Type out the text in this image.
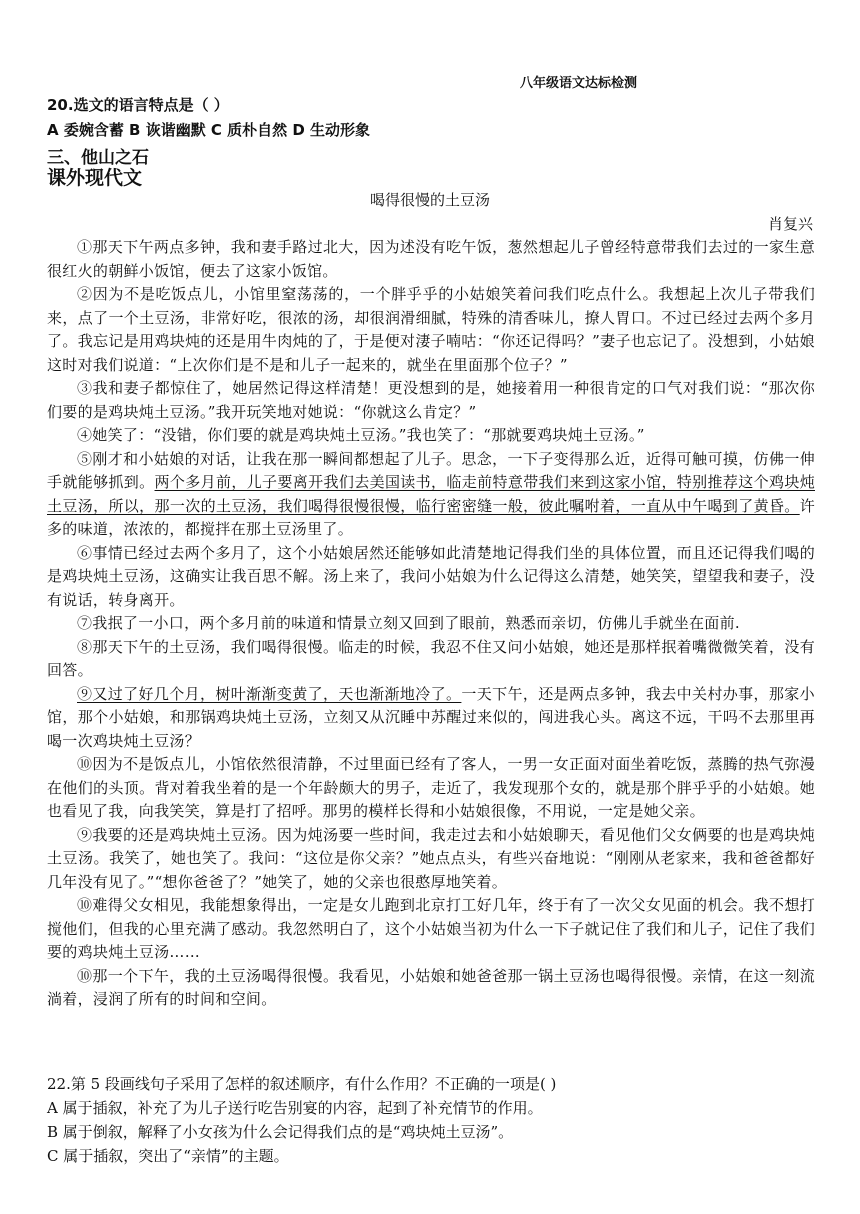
八年级语文达标检测
20.选文的语言特点是（ ）
A 委婉含蓄 B 诙谐幽默 C 质朴自然 D 生动形象
三、他山之石
课外现代文
喝得很慢的土豆汤
肖复兴

①那天下午两点多钟，我和妻手路过北大，因为述没有吃午饭，葱然想起儿子曾经特意带我们去过的一家生意很红火的朝鲜小饭馆，便去了这家小饭馆。

②因为不是吃饭点儿，小馆里窒荡荡的，一个胖乎乎的小姑娘笑着问我们吃点什么。我想起上次儿子带我们来，点了一个土豆汤，非常好吃，很浓的汤，却很润滑细腻，特殊的清香味儿，撩人胃口。不过已经过去两个多月了。我忘记是用鸡块炖的还是用牛肉炖的了，于是便对淒子喃咕：“你还记得吗？”妻子也忘记了。没想到，小姑娘这时对我们说道：“上次你们是不是和儿子一起来的，就坐在里面那个位子？”

③我和妻子都惊住了，她居然记得这样清楚！更没想到的是，她接着用一种很肯定的口气对我们说：“那次你们要的是鸡块炖土豆汤。”我开玩笑地对她说：“你就这么肯定？”

④她笑了：“没错，你们要的就是鸡块炖土豆汤。”我也笑了：“那就要鸡块炖土豆汤。”

⑤刚才和小姑娘的对话，让我在那一瞬间都想起了儿子。思念，一下子变得那么近，近得可触可摸，仿佛一伸手就能够抓到。两个多月前，儿子要离开我们去美国读书，临走前特意带我们来到这家小馆，特别推荐这个鸡块炖土豆汤，所以，那一次的土豆汤，我们喝得很慢很慢，临行密密缝一般，彼此嘱咐着，一直从中午喝到了黄昏。许多的味道，浓浓的，都搅拌在那土豆汤里了。

⑥事情已经过去两个多月了，这个小姑娘居然还能够如此清楚地记得我们坐的具体位置，而且还记得我们喝的是鸡块炖土豆汤，这确实让我百思不解。汤上来了，我问小姑娘为什么记得这么清楚，她笑笑，望望我和妻子，没有说话，转身离开。

⑦我抿了一小口，两个多月前的味道和情景立刻又回到了眼前，熟悉而亲切，仿佛儿手就坐在面前.

⑧那天下午的土豆汤，我们喝得很慢。临走的时候，我忍不住又问小姑娘，她还是那样抿着嘴微微笑着，没有回答。

⑨又过了好几个月，树叶渐渐变黄了，天也渐渐地冷了。一天下午，还是两点多钟，我去中关村办事，那家小馆，那个小姑娘，和那锅鸡块炖土豆汤，立刻又从沉睡中苏醒过来似的，闯进我心头。离这不远，干吗不去那里再喝一次鸡块炖土豆汤？

⑩因为不是饭点儿，小馆依然很清静，不过里面已经有了客人，一男一女正面对面坐着吃饭，蒸腾的热气弥漫在他们的头顶。背对着我坐着的是一个年龄颇大的男子，走近了，我发现那个女的，就是那个胖乎乎的小姑娘。她也看见了我，向我笑笑，算是打了招呼。那男的模样长得和小姑娘很像，不用说，一定是她父亲。

⑨我要的还是鸡块炖土豆汤。因为炖汤要一些时间，我走过去和小姑娘聊天，看见他们父女俩要的也是鸡块炖土豆汤。我笑了，她也笑了。我问：“这位是你父亲？”她点点头，有些兴奋地说：“刚刚从老家来，我和爸爸都好几年没有见了。”“想你爸爸了？”她笑了，她的父亲也很憨厚地笑着。

⑩难得父女相见，我能想象得出，一定是女儿跑到北京打工好几年，终于有了一次父女见面的机会。我不想打搅他们，但我的心里充满了感动。我忽然明白了，这个小姑娘当初为什么一下子就记住了我们和儿子，记住了我们要的鸡块炖土豆汤……

⑩那一个下午，我的土豆汤喝得很慢。我看见，小姑娘和她爸爸那一锅土豆汤也喝得很慢。亲情，在这一刻流淌着，浸润了所有的时间和空间。

22.第 5 段画线句子采用了怎样的叙述顺序，有什么作用？不正确的一项是( )

A 属于插叙，补充了为儿子送行吃告别宴的内容，起到了补充情节的作用。

B 属于倒叙，解释了小女孩为什么会记得我们点的是“鸡块炖土豆汤”。

C 属于插叙，突出了“亲情”的主题。
